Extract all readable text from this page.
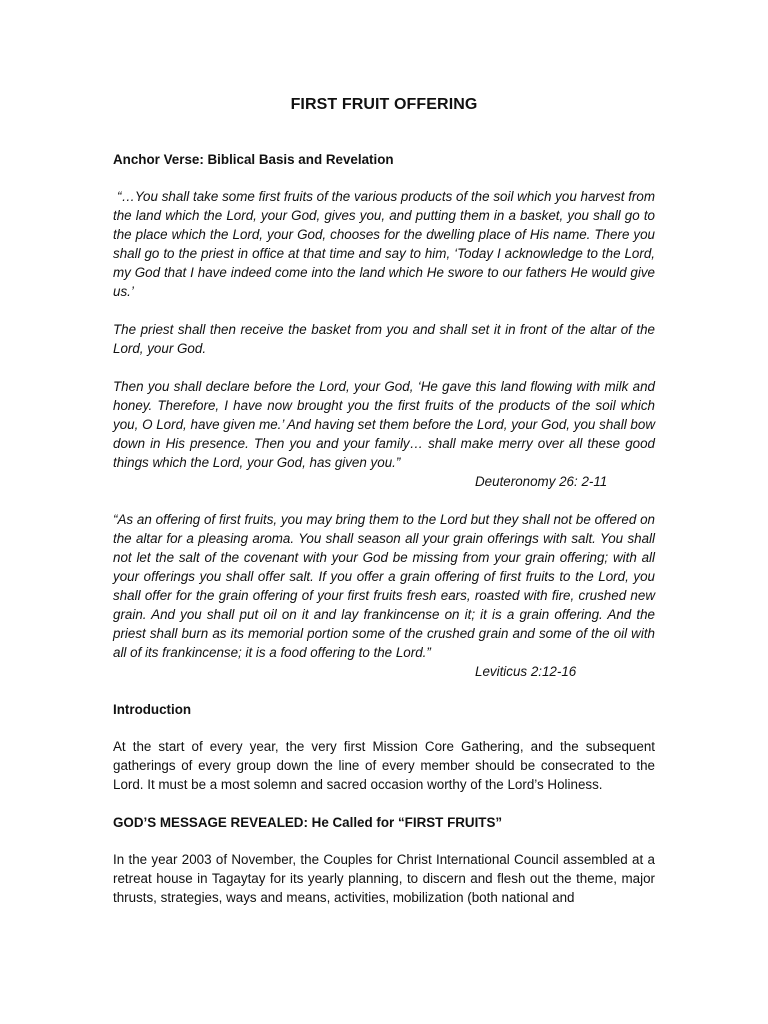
FIRST FRUIT OFFERING
Anchor Verse: Biblical Basis and Revelation

“…You shall take some first fruits of the various products of the soil which you harvest from the land which the Lord, your God, gives you, and putting them in a basket, you shall go to the place which the Lord, your God, chooses for the dwelling place of His name. There you shall go to the priest in office at that time and say to him, ‘Today I acknowledge to the Lord, my God that I have indeed come into the land which He swore to our fathers He would give us.’

The priest shall then receive the basket from you and shall set it in front of the altar of the Lord, your God.

Then you shall declare before the Lord, your God, ‘He gave this land flowing with milk and honey. Therefore, I have now brought you the first fruits of the products of the soil which you, O Lord, have given me.’ And having set them before the Lord, your God, you shall bow down in His presence. Then you and your family… shall make merry over all these good things which the Lord, your God, has given you.”

Deuteronomy 26: 2-11

“As an offering of first fruits, you may bring them to the Lord but they shall not be offered on the altar for a pleasing aroma. You shall season all your grain offerings with salt. You shall not let the salt of the covenant with your God be missing from your grain offering; with all your offerings you shall offer salt. If you offer a grain offering of first fruits to the Lord, you shall offer for the grain offering of your first fruits fresh ears, roasted with fire, crushed new grain. And you shall put oil on it and lay frankincense on it; it is a grain offering. And the priest shall burn as its memorial portion some of the crushed grain and some of the oil with all of its frankincense; it is a food offering to the Lord.”

Leviticus 2:12-16
Introduction

At the start of every year, the very first Mission Core Gathering, and the subsequent gatherings of every group down the line of every member should be consecrated to the Lord. It must be a most solemn and sacred occasion worthy of the Lord’s Holiness.

GOD’S MESSAGE REVEALED: He Called for “FIRST FRUITS”

In the year 2003 of November, the Couples for Christ International Council assembled at a retreat house in Tagaytay for its yearly planning, to discern and flesh out the theme, major thrusts, strategies, ways and means, activities, mobilization (both national and
